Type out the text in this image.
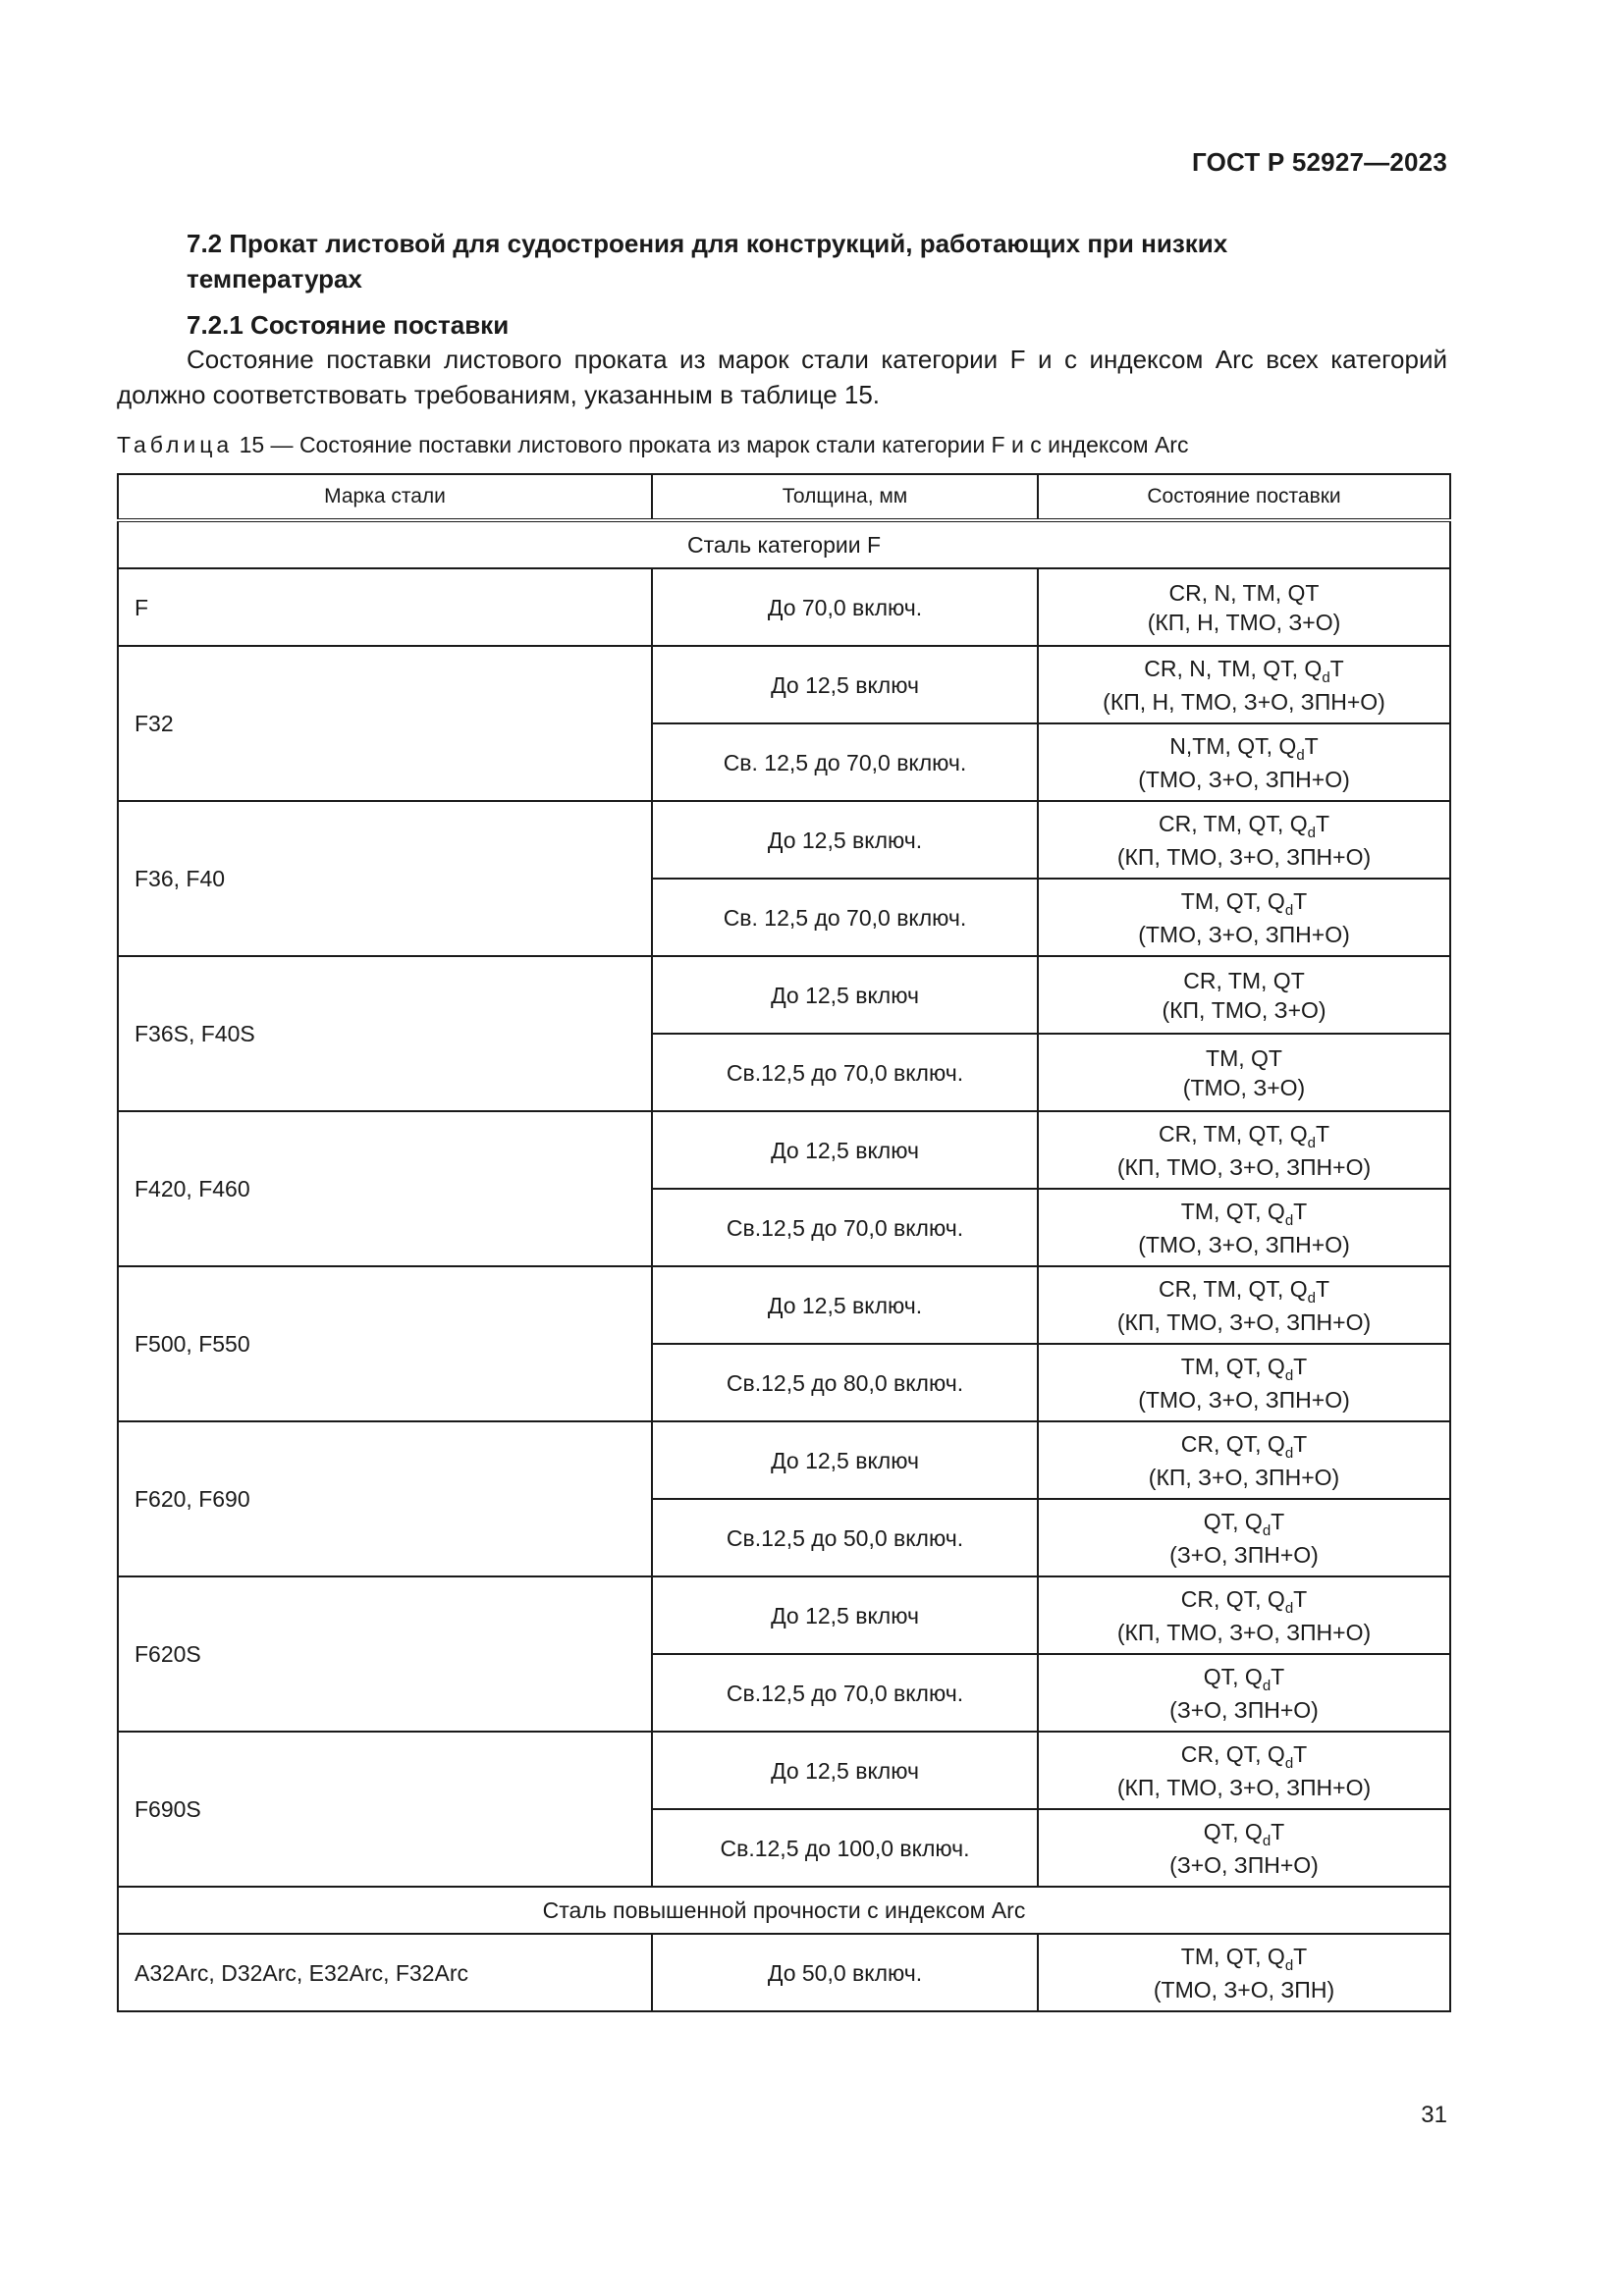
ГОСТ Р 52927—2023
7.2 Прокат листовой для судостроения для конструкций, работающих при низких температурах
7.2.1 Состояние поставки
Состояние поставки листового проката из марок стали категории F и с индексом Arc всех категорий должно соответствовать требованиям, указанным в таблице 15.
Таблица 15 — Состояние поставки листового проката из марок стали категории F и с индексом Arc
Марка стали	Толщина, мм	Состояние поставки
Сталь категории F		
F	До 70,0 включ.	CR, N, TM, QT
(КП, Н, ТМО, З+О)

F32	До 12,5 включ	CR, N, TM, QT, $Q_dT$
(КП, Н, ТМО, З+О, ЗПН+О)

	Св. 12,5 до 70,0 включ.	N,TM, QT, $Q_dT$
(ТМО, З+О, ЗПН+О)

F36, F40	До 12,5 включ.	CR, TM, QT, $Q_dT$
(КП, ТМО, З+О, ЗПН+О)

	Св. 12,5 до 70,0 включ.	TM, QT, $Q_dT$
(ТМО, З+О, ЗПН+О)

F36S, F40S	До 12,5 включ	CR, TM, QT
(КП, ТМО, З+О)

	Св.12,5 до 70,0 включ.	TM, QT
(ТМО, З+О)

F420, F460	До 12,5 включ	CR, TM, QT, $Q_dT$
(КП, ТМО, З+О, ЗПН+О)

	Св.12,5 до 70,0 включ.	TM, QT, $Q_dT$
(ТМО, З+О, ЗПН+О)

F500, F550	До 12,5 включ.	CR, TM, QT, $Q_dT$
(КП, ТМО, З+О, ЗПН+О)

	Св.12,5 до 80,0 включ.	TM, QT, $Q_dT$
(ТМО, З+О, ЗПН+О)

F620, F690	До 12,5 включ	CR, QT, $Q_dT$
(КП, З+О, ЗПН+О)

	Св.12,5 до 50,0 включ.	QT, $Q_dT$
(З+О, ЗПН+О)

F620S	До 12,5 включ	CR, QT, $Q_dT$
(КП, ТМО, З+О, ЗПН+О)

	Св.12,5 до 70,0 включ.	QT, $Q_dT$
(З+О, ЗПН+О)

F690S	До 12,5 включ	CR, QT, $Q_dT$
(КП, ТМО, З+О, ЗПН+О)

	Св.12,5 до 100,0 включ.	QT, $Q_dT$
(З+О, ЗПН+О)

Сталь повышенной прочности с индексом Arc		
A32Arc, D32Arc, E32Arc, F32Arc	До 50,0 включ.	TM, QT, $Q_dT$
(ТМО, З+О, ЗПН)
31
